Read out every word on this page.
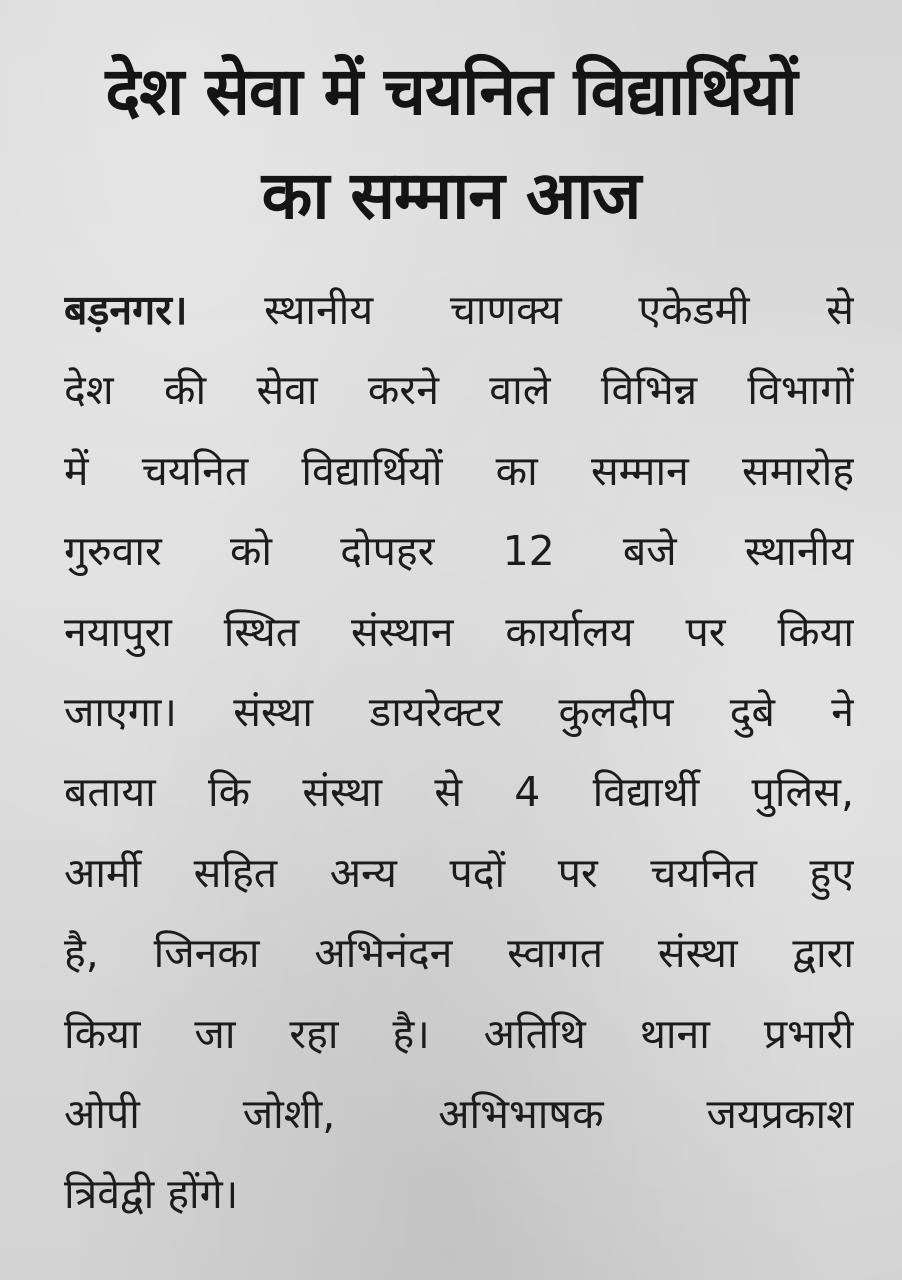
देश सेवा में चयनित विद्यार्थियों
का सम्मान आज
बड़नगर। स्थानीय चाणक्य एकेडमी से
देश की सेवा करने वाले विभिन्न विभागों
में चयनित विद्यार्थियों का सम्मान समारोह
गुरुवार को दोपहर 12 बजे स्थानीय
नयापुरा स्थित संस्थान कार्यालय पर किया
जाएगा। संस्था डायरेक्टर कुलदीप दुबे ने
बताया कि संस्था से 4 विद्यार्थी पुलिस,
आर्मी सहित अन्य पदों पर चयनित हुए
है, जिनका अभिनंदन स्वागत संस्था द्वारा
किया जा रहा है। अतिथि थाना प्रभारी
ओपी जोशी, अभिभाषक जयप्रकाश
त्रिवेद्वी होंगे।
